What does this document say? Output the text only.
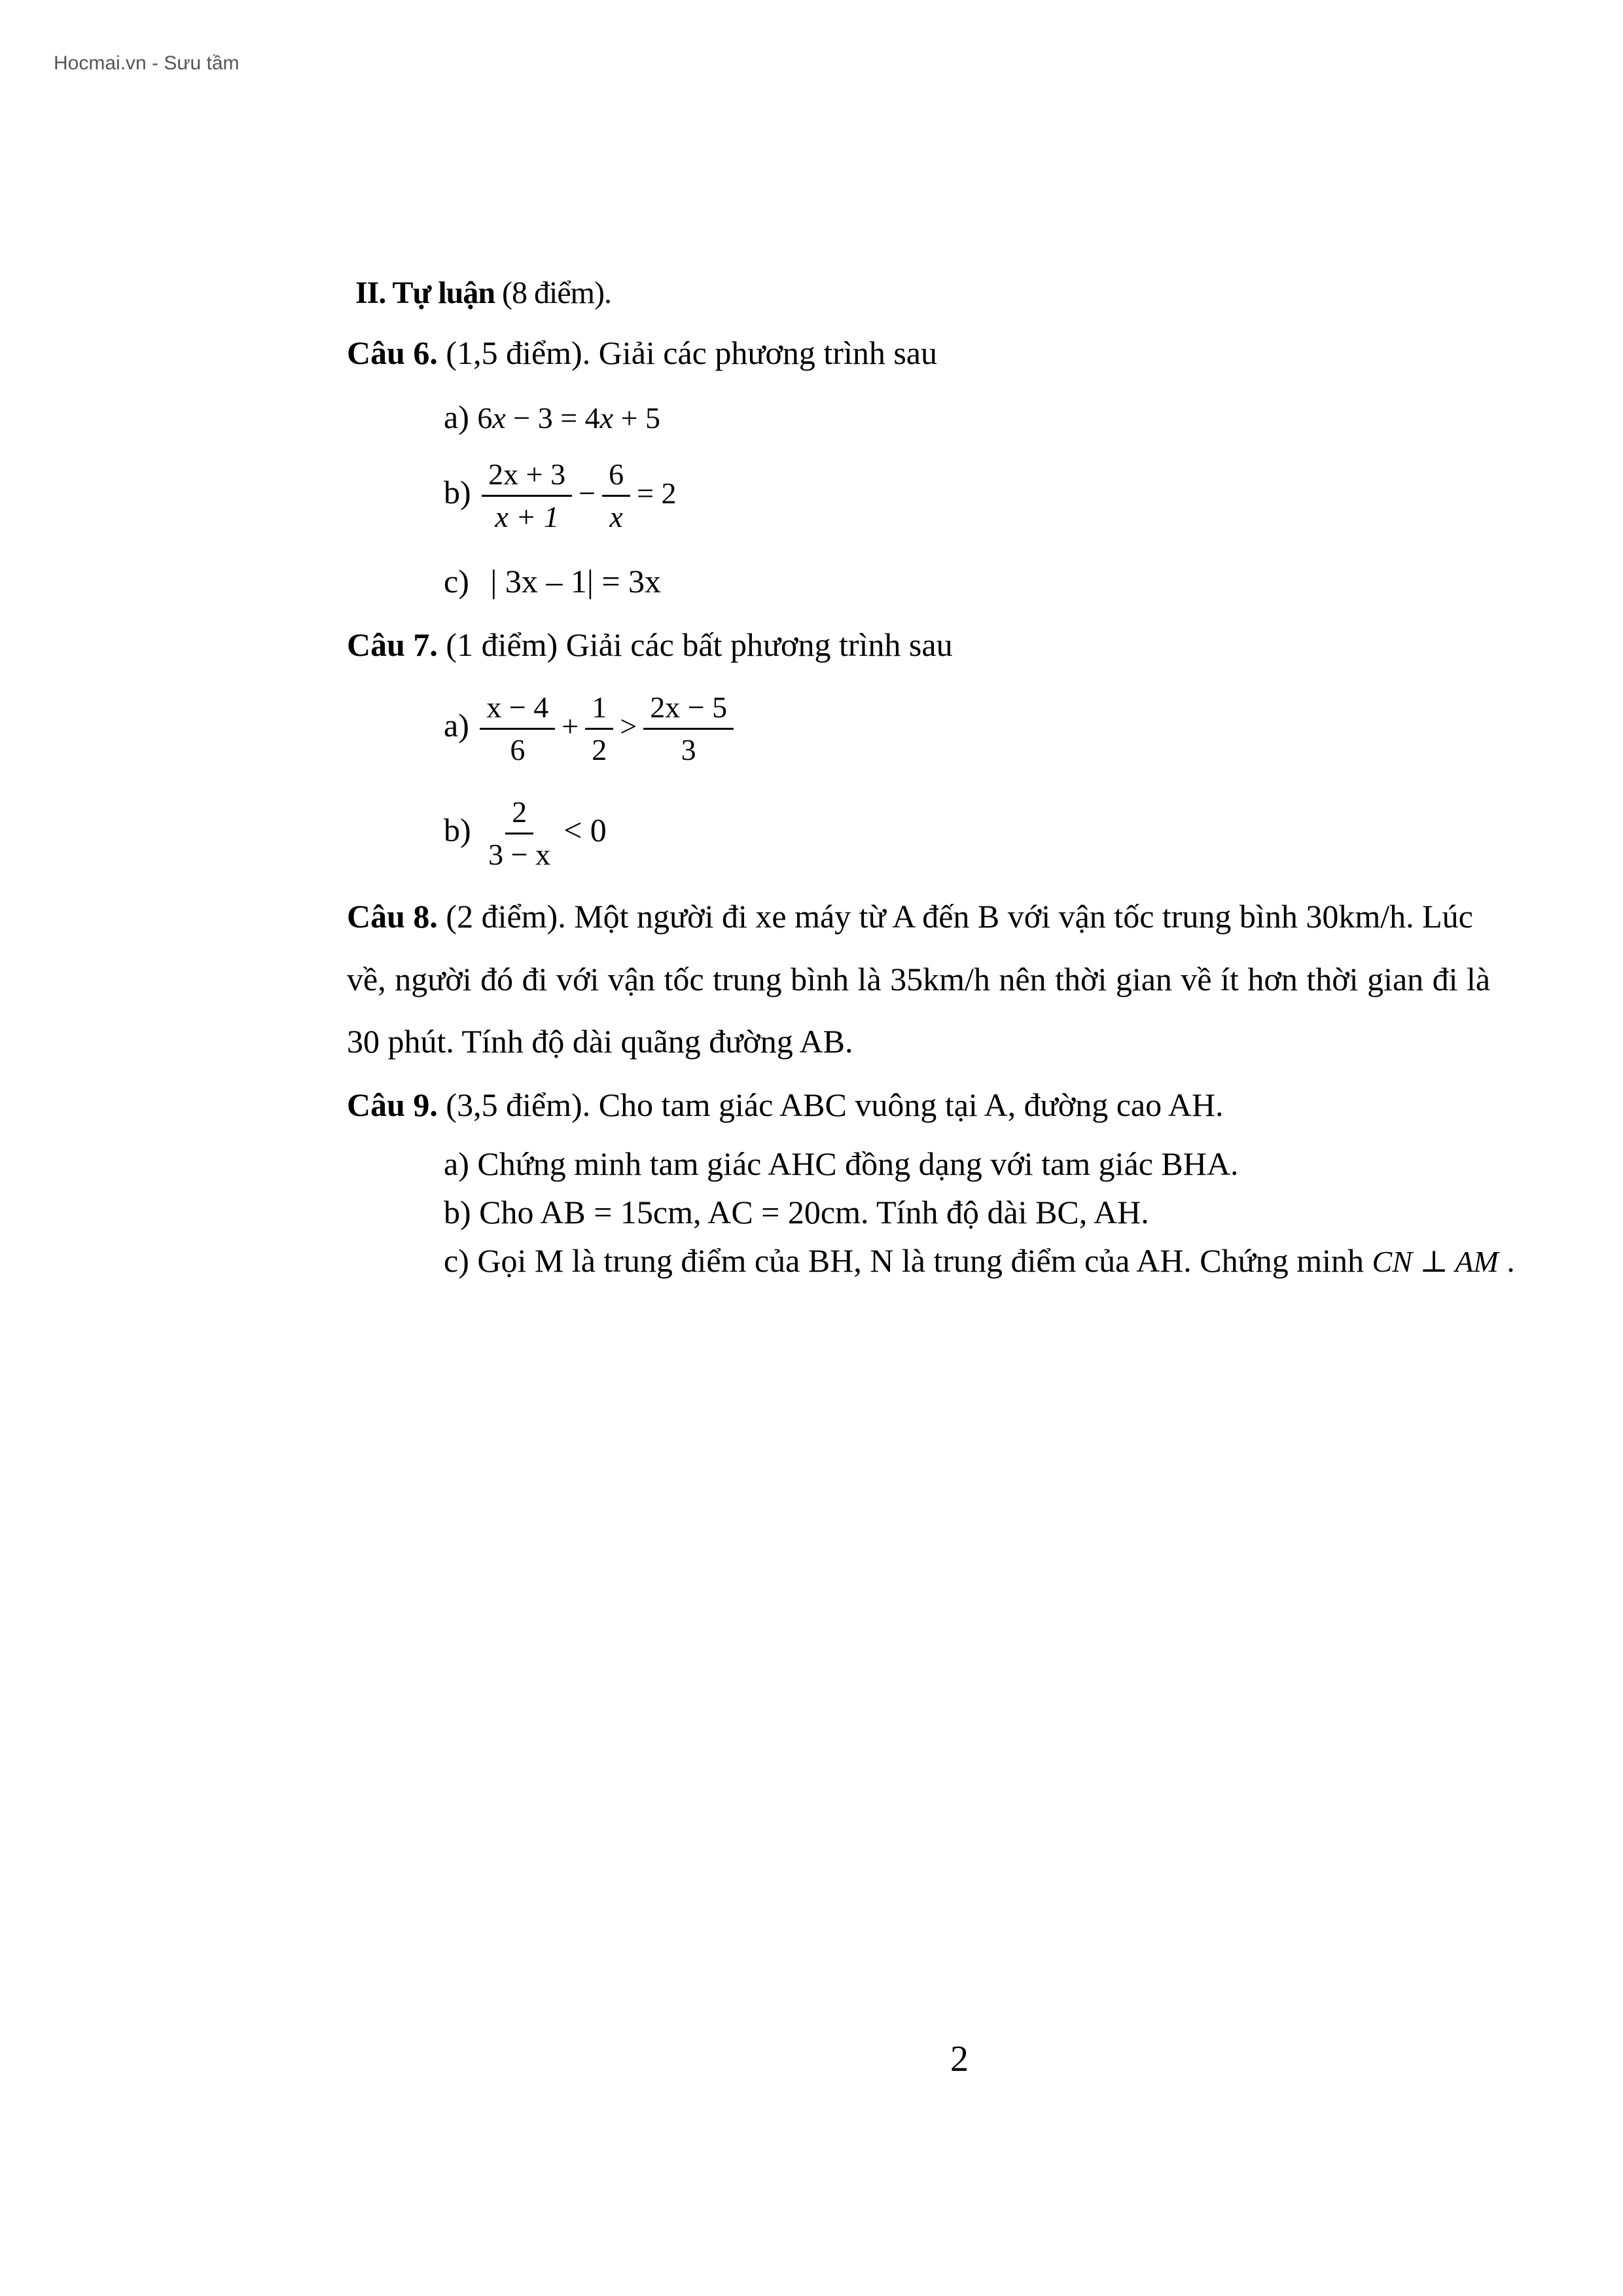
Hocmai.vn - Sưu tầm
II. Tự luận (8 điểm).
Câu 6. (1,5 điểm). Giải các phương trình sau
a) 6x − 3 = 4x + 5
$b) \frac{2x + 3}{x + 1} - \frac{6}{x} = 2$
c) | 3x – 1| = 3x
Câu 7. (1 điểm) Giải các bất phương trình sau
$a) \frac{x - 4}{6} + \frac{1}{2} > \frac{2x - 5}{3}$
$b) \frac{2}{3 - x} < 0$
Câu 8. (2 điểm). Một người đi xe máy từ A đến B với vận tốc trung bình 30km/h. Lúc
về, người đó đi với vận tốc trung bình là 35km/h nên thời gian về ít hơn thời gian đi là
30 phút. Tính độ dài quãng đường AB.
Câu 9. (3,5 điểm). Cho tam giác ABC vuông tại A, đường cao AH.
a) Chứng minh tam giác AHC đồng dạng với tam giác BHA.
b) Cho AB = 15cm, AC = 20cm. Tính độ dài BC, AH.
c) Gọi M là trung điểm của BH, N là trung điểm của AH. Chứng minh CN ⊥ AM .
2
